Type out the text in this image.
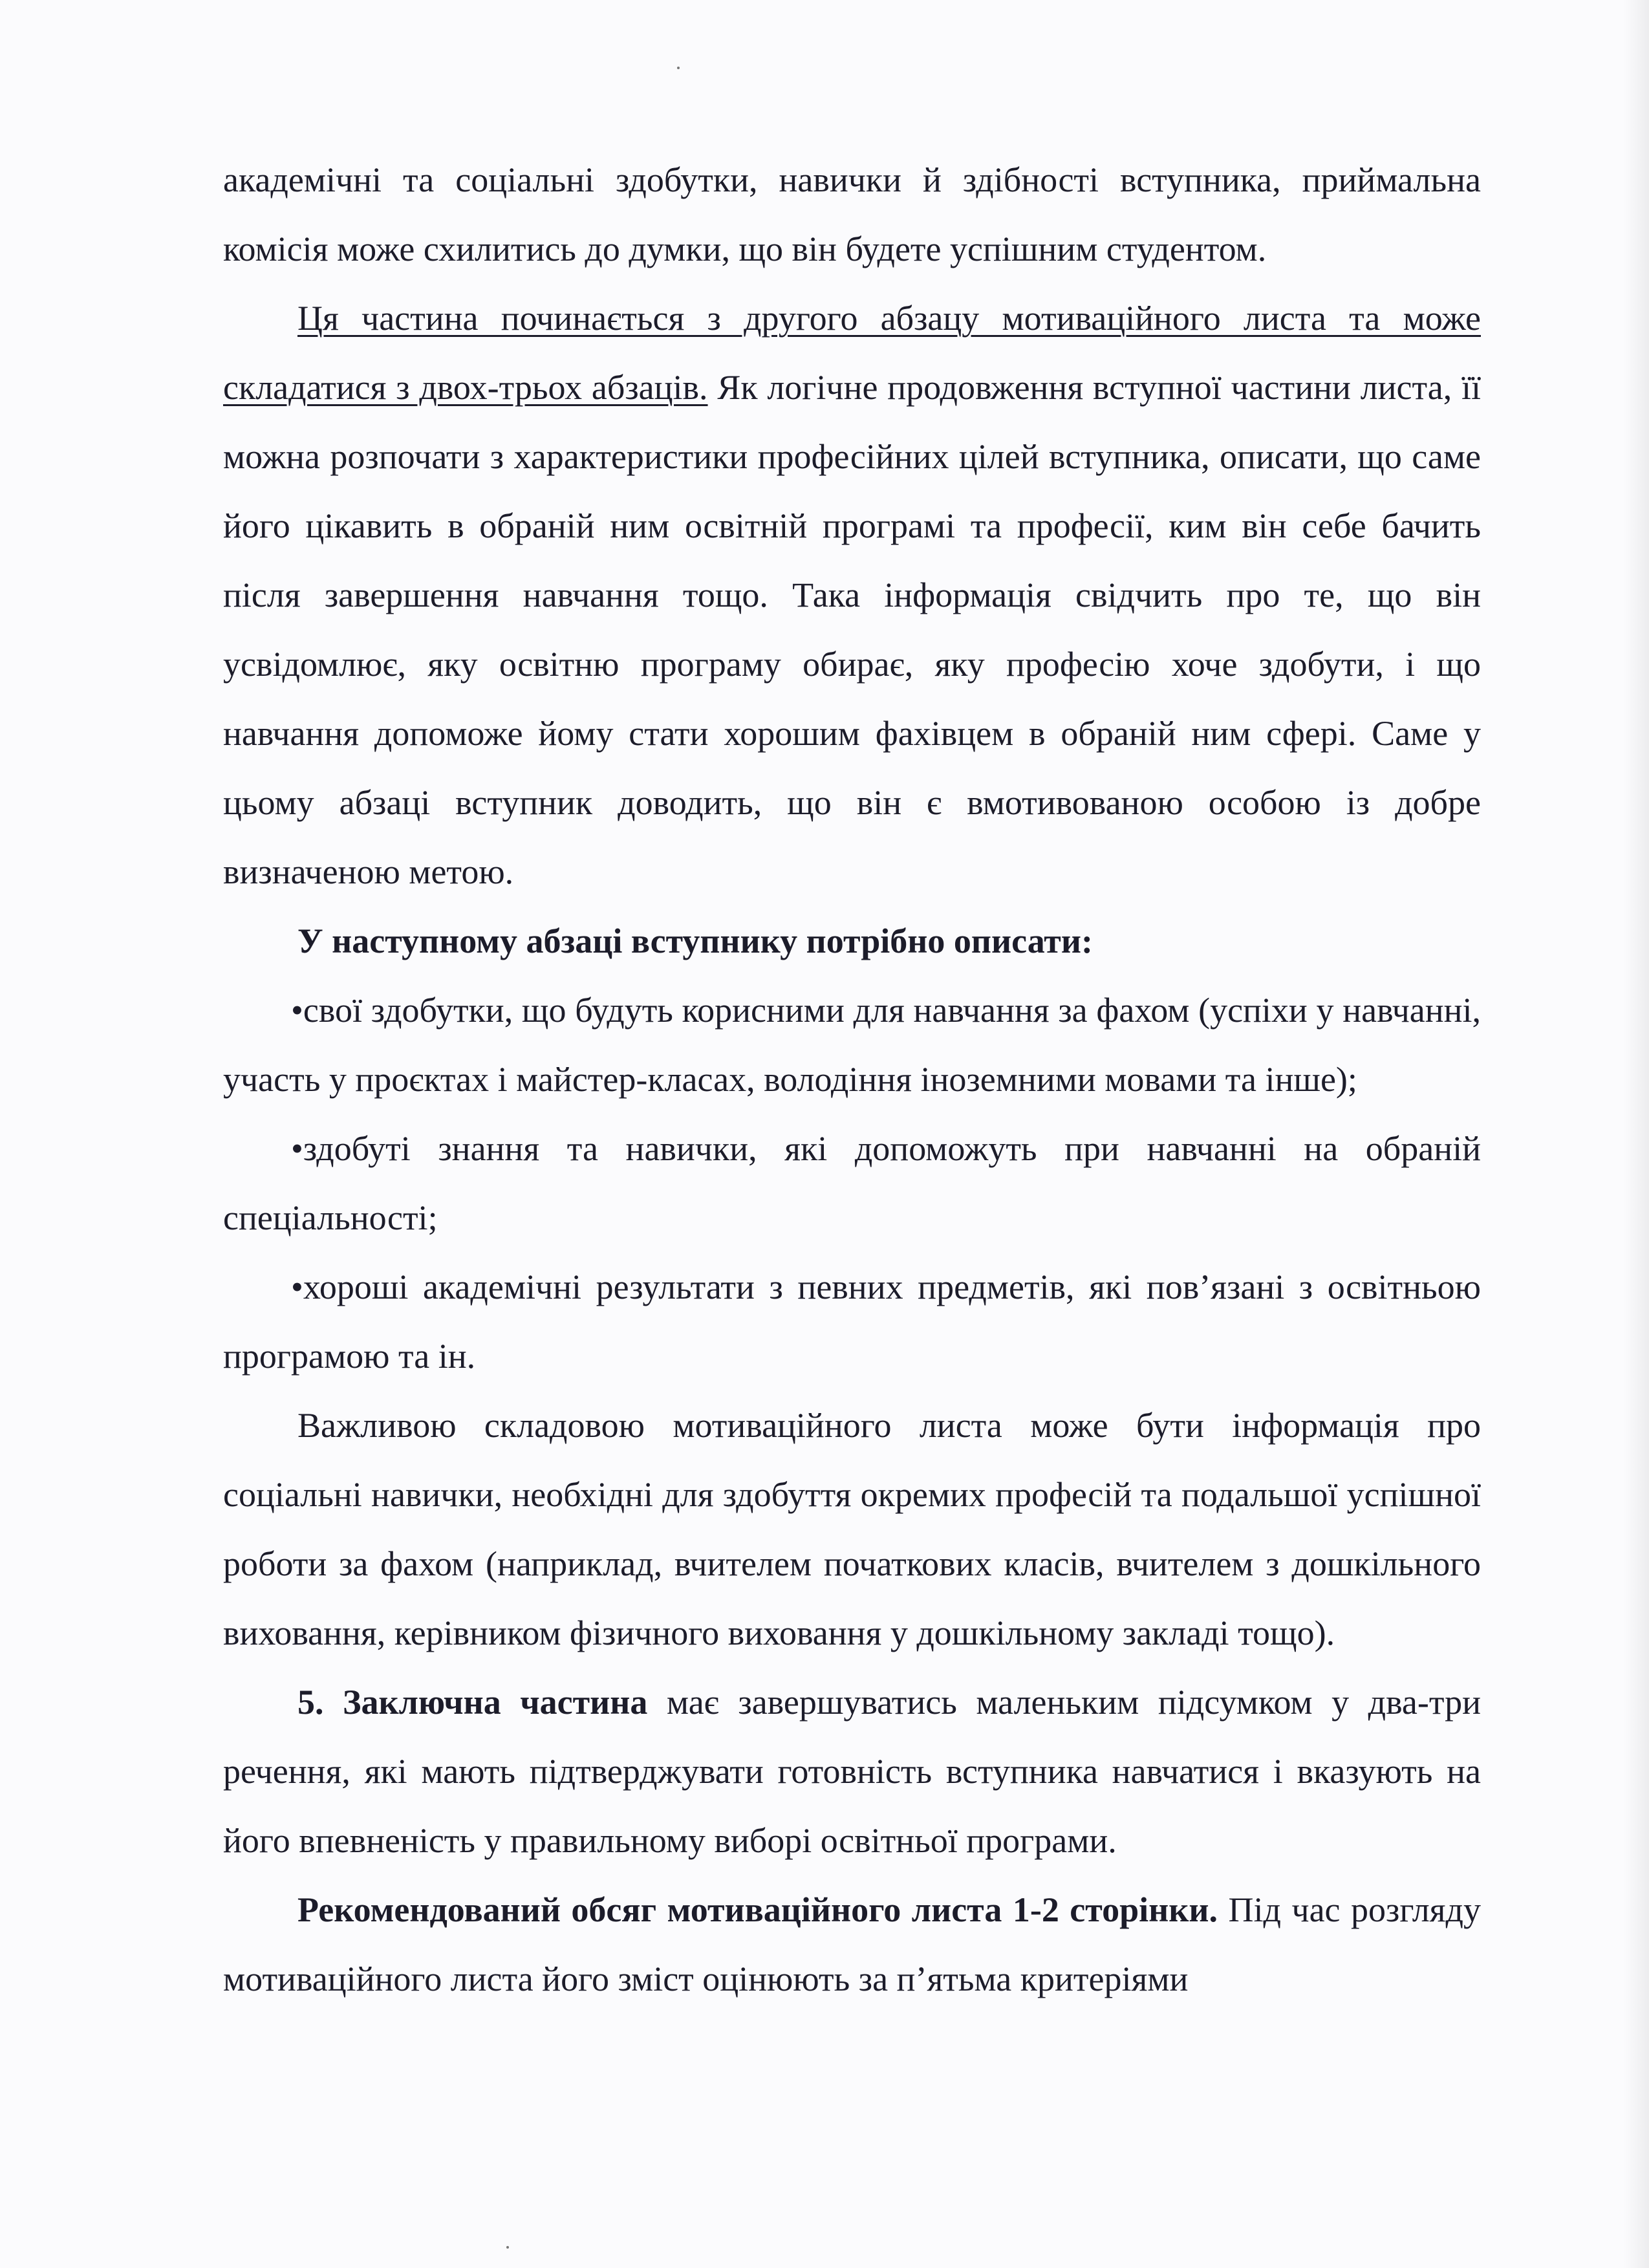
академічні та соціальні здобутки, навички й здібності вступника, приймальна комісія може схилитись до думки, що він будете успішним студентом.

Ця частина починається з другого абзацу мотиваційного листа та може складатися з двох-трьох абзаців. Як логічне продовження вступної частини листа, її можна розпочати з характеристики професійних цілей вступника, описати, що саме його цікавить в обраній ним освітній програмі та професії, ким він себе бачить після завершення навчання тощо. Така інформація свідчить про те, що він усвідомлює, яку освітню програму обирає, яку професію хоче здобути, і що навчання допоможе йому стати хорошим фахівцем в обраній ним сфері. Саме у цьому абзаці вступник доводить, що він є вмотивованою особою із добре визначеною метою.

У наступному абзаці вступнику потрібно описати:

•свої здобутки, що будуть корисними для навчання за фахом (успіхи у навчанні, участь у проєктах і майстер-класах, володіння іноземними мовами та інше);

•здобуті знання та навички, які допоможуть при навчанні на обраній спеціальності;

•хороші академічні результати з певних предметів, які пов’язані з освітньою програмою та ін.

Важливою складовою мотиваційного листа може бути інформація про соціальні навички, необхідні для здобуття окремих професій та подальшої успішної роботи за фахом (наприклад, вчителем початкових класів, вчителем з дошкільного виховання, керівником фізичного виховання у дошкільному закладі тощо).

5. Заключна частина має завершуватись маленьким підсумком у два-три речення, які мають підтверджувати готовність вступника навчатися і вказують на його впевненість у правильному виборі освітньої програми.

Рекомендований обсяг мотиваційного листа 1-2 сторінки. Під час розгляду мотиваційного листа його зміст оцінюють за п’ятьма критеріями
